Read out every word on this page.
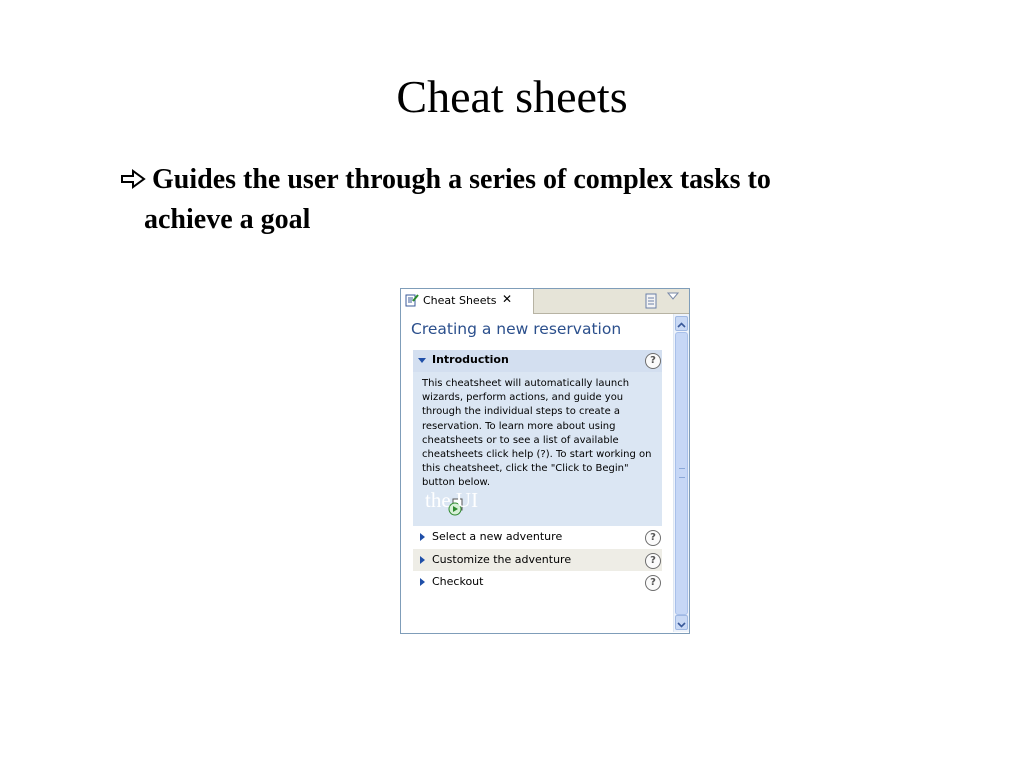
Cheat sheets
Guides the user through a series of complex tasks to
achieve a goal
Cheat Sheets ✕
Creating a new reservation
Introduction	?
This cheatsheet will automatically launch wizards, perform actions, and guide you through the individual steps to create a reservation. To learn more about using cheatsheets or to see a list of available cheatsheets click help (?). To start working on this cheatsheet, click the "Click to Begin" button below.
Select a new adventure	?
Customize the adventure	?
Checkout	?
the UI
